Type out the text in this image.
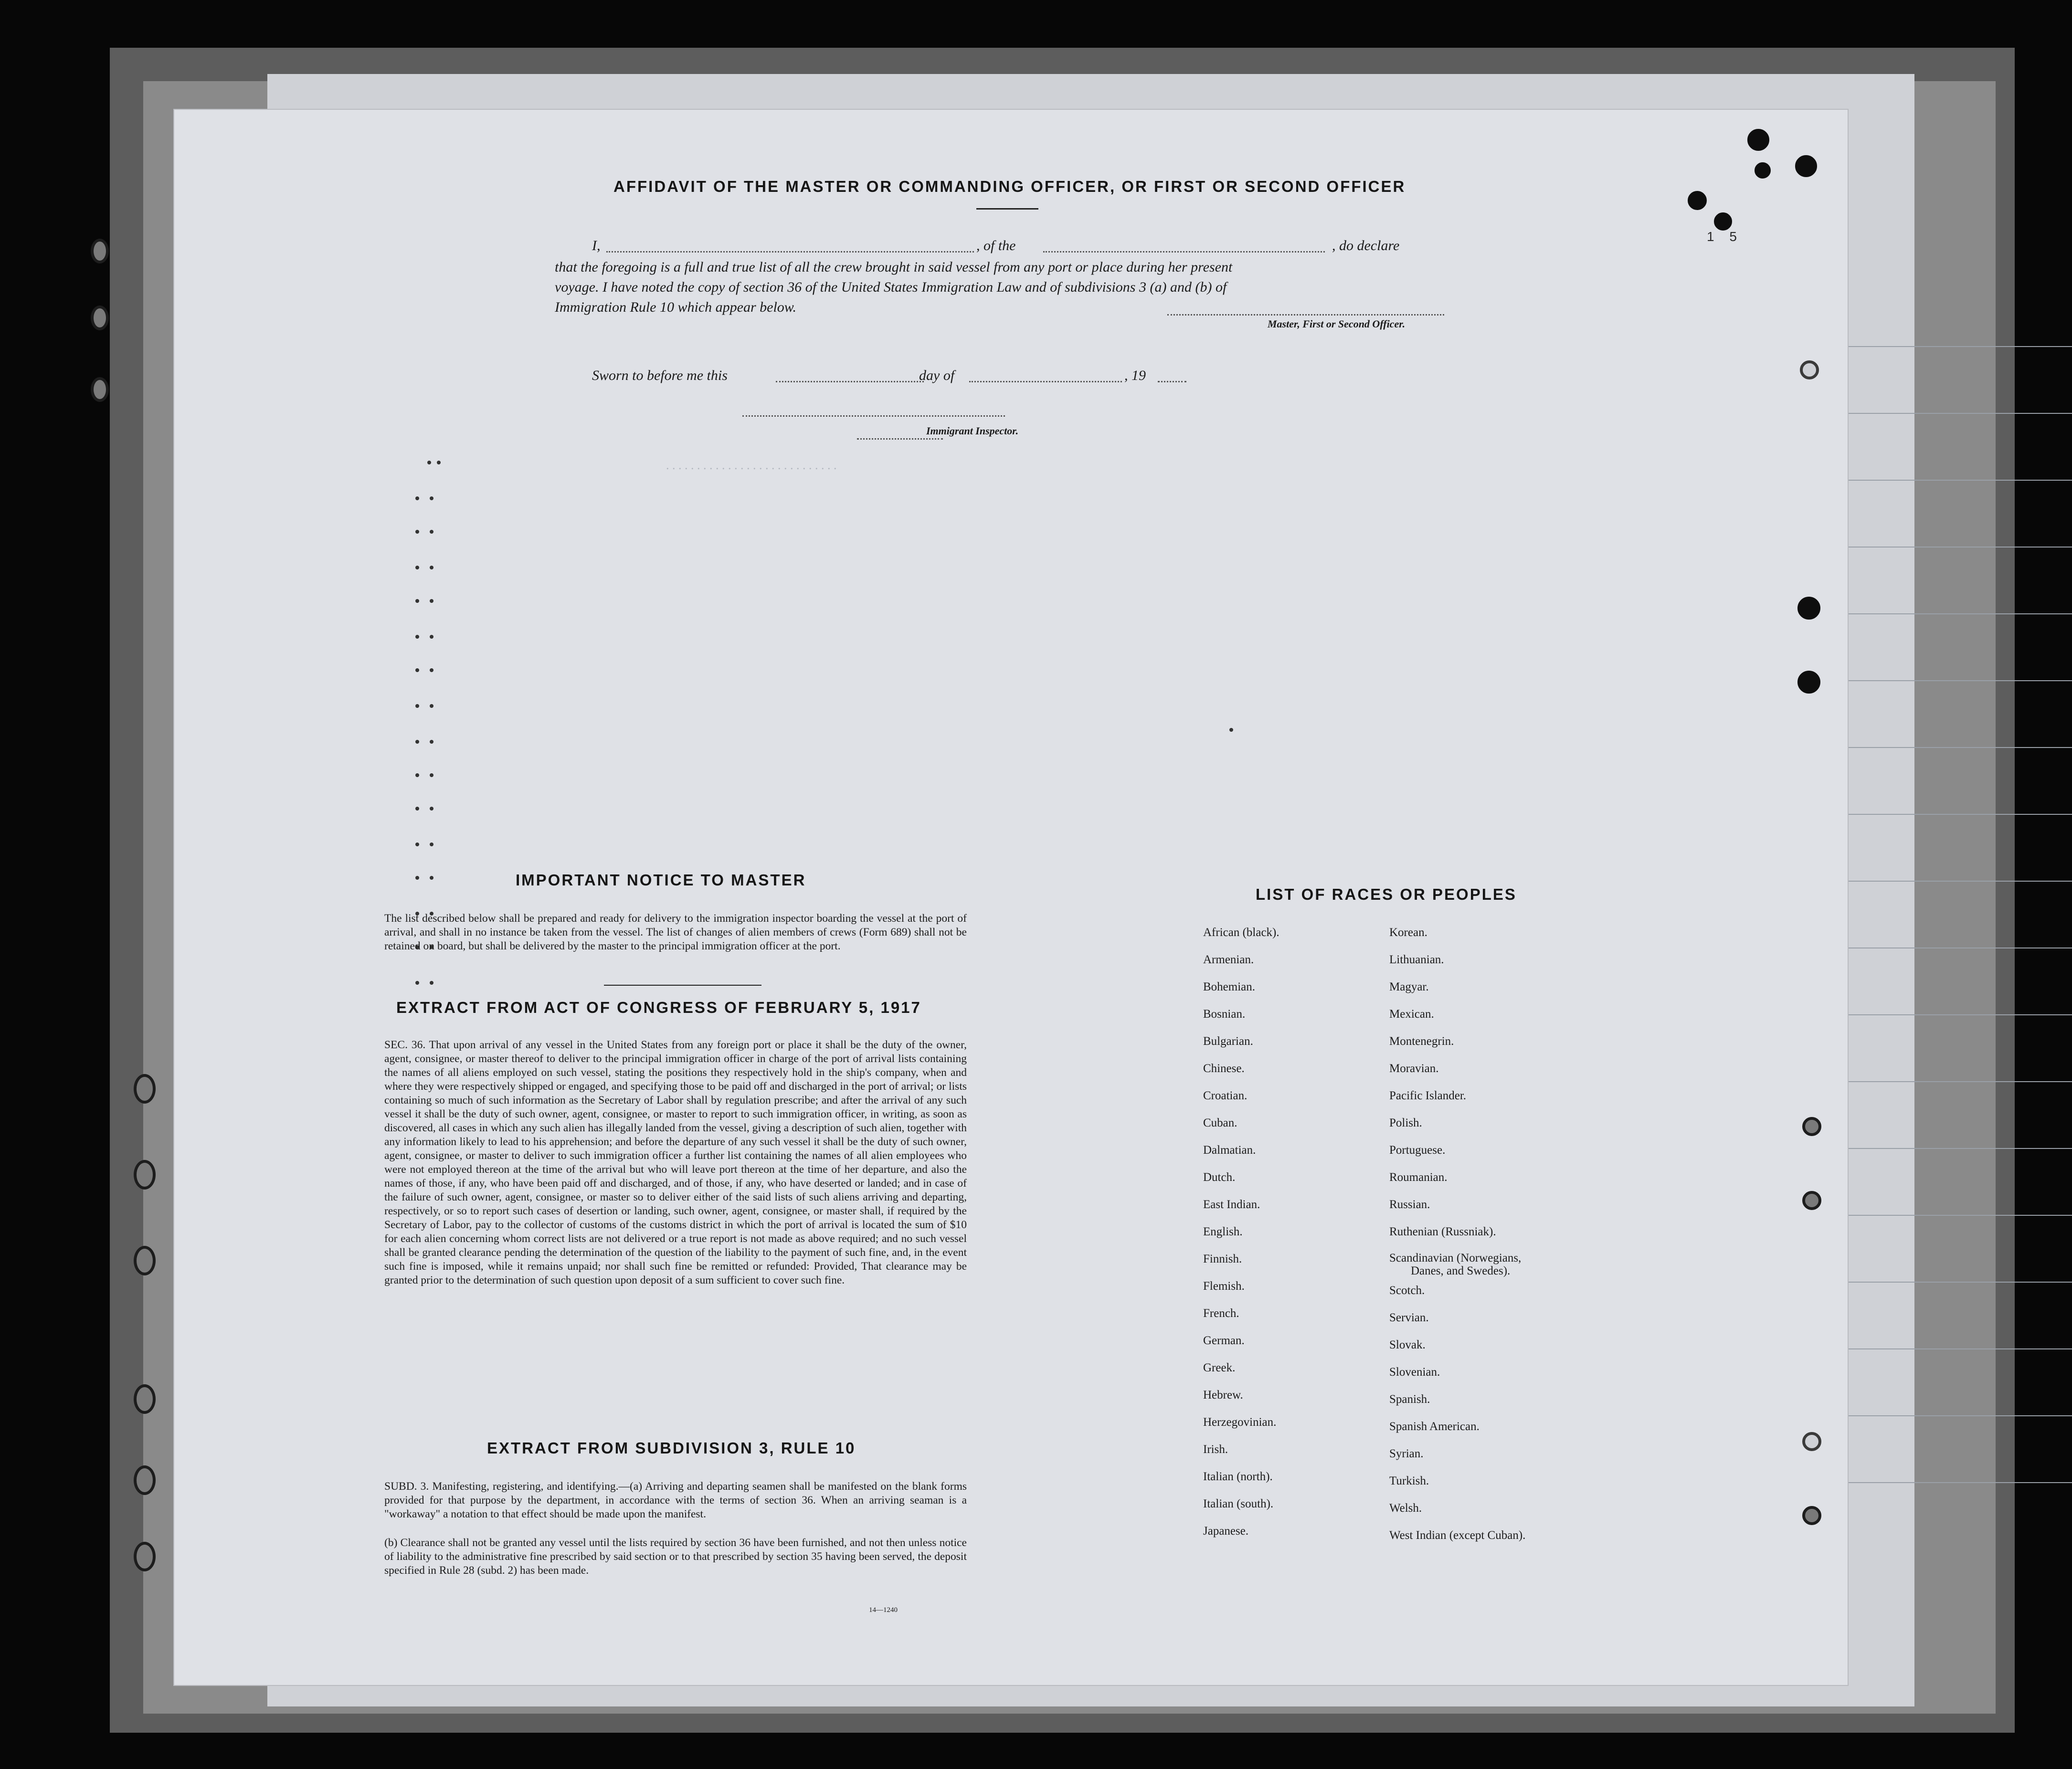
1 5
AFFIDAVIT OF THE MASTER OR COMMANDING OFFICER, OR FIRST OR SECOND OFFICER
I,	, of the	, do declare
that the foregoing is a full and true list of all the crew brought in said vessel from any port or place during her present
voyage. I have noted the copy of section 36 of the United States Immigration Law and of subdivisions 3 (a) and (b) of
Immigration Rule 10 which appear below.
Master, First or Second Officer.
Sworn to before me this	day of	, 19
Immigrant Inspector.
. . . . . . . . . . . . . . . . . . . . . . . . . . . .
IMPORTANT NOTICE TO MASTER
The list described below shall be prepared and ready for delivery to the immigration inspector boarding the vessel at the port of arrival, and shall in no instance be taken from the vessel. The list of changes of alien members of crews (Form 689) shall not be retained on board, but shall be delivered by the master to the principal immigration officer at the port.
EXTRACT FROM ACT OF CONGRESS OF FEBRUARY 5, 1917
SEC. 36. That upon arrival of any vessel in the United States from any foreign port or place it shall be the duty of the owner, agent, consignee, or master thereof to deliver to the principal immigration officer in charge of the port of arrival lists containing the names of all aliens employed on such vessel, stating the positions they respectively hold in the ship's company, when and where they were respectively shipped or engaged, and specifying those to be paid off and discharged in the port of arrival; or lists containing so much of such information as the Secretary of Labor shall by regulation prescribe; and after the arrival of any such vessel it shall be the duty of such owner, agent, consignee, or master to report to such immigration officer, in writing, as soon as discovered, all cases in which any such alien has illegally landed from the vessel, giving a description of such alien, together with any information likely to lead to his apprehension; and before the departure of any such vessel it shall be the duty of such owner, agent, consignee, or master to deliver to such immigration officer a further list containing the names of all alien employees who were not employed thereon at the time of the arrival but who will leave port thereon at the time of her departure, and also the names of those, if any, who have been paid off and discharged, and of those, if any, who have deserted or landed; and in case of the failure of such owner, agent, consignee, or master so to deliver either of the said lists of such aliens arriving and departing, respectively, or so to report such cases of desertion or landing, such owner, agent, consignee, or master shall, if required by the Secretary of Labor, pay to the collector of customs of the customs district in which the port of arrival is located the sum of $10 for each alien concerning whom correct lists are not delivered or a true report is not made as above required; and no such vessel shall be granted clearance pending the determination of the question of the liability to the payment of such fine, and, in the event such fine is imposed, while it remains unpaid; nor shall such fine be remitted or refunded: Provided, That clearance may be granted prior to the determination of such question upon deposit of a sum sufficient to cover such fine.
EXTRACT FROM SUBDIVISION 3, RULE 10
SUBD. 3. Manifesting, registering, and identifying.—(a) Arriving and departing seamen shall be manifested on the blank forms provided for that purpose by the department, in accordance with the terms of section 36. When an arriving seaman is a "workaway" a notation to that effect should be made upon the manifest.
(b) Clearance shall not be granted any vessel until the lists required by section 36 have been furnished, and not then unless notice of liability to the administrative fine prescribed by said section or to that prescribed by section 35 having been served, the deposit specified in Rule 28 (subd. 2) has been made.
14—1240
LIST OF RACES OR PEOPLES
African (black).
Armenian.
Bohemian.
Bosnian.
Bulgarian.
Chinese.
Croatian.
Cuban.
Dalmatian.
Dutch.
East Indian.
English.
Finnish.
Flemish.
French.
German.
Greek.
Hebrew.
Herzegovinian.
Irish.
Italian (north).
Italian (south).
Japanese.
Korean.
Lithuanian.
Magyar.
Mexican.
Montenegrin.
Moravian.
Pacific Islander.
Polish.
Portuguese.
Roumanian.
Russian.
Ruthenian (Russniak).
Scandinavian (Norwegians,
Danes, and Swedes).
Scotch.
Servian.
Slovak.
Slovenian.
Spanish.
Spanish American.
Syrian.
Turkish.
Welsh.
West Indian (except Cuban).
